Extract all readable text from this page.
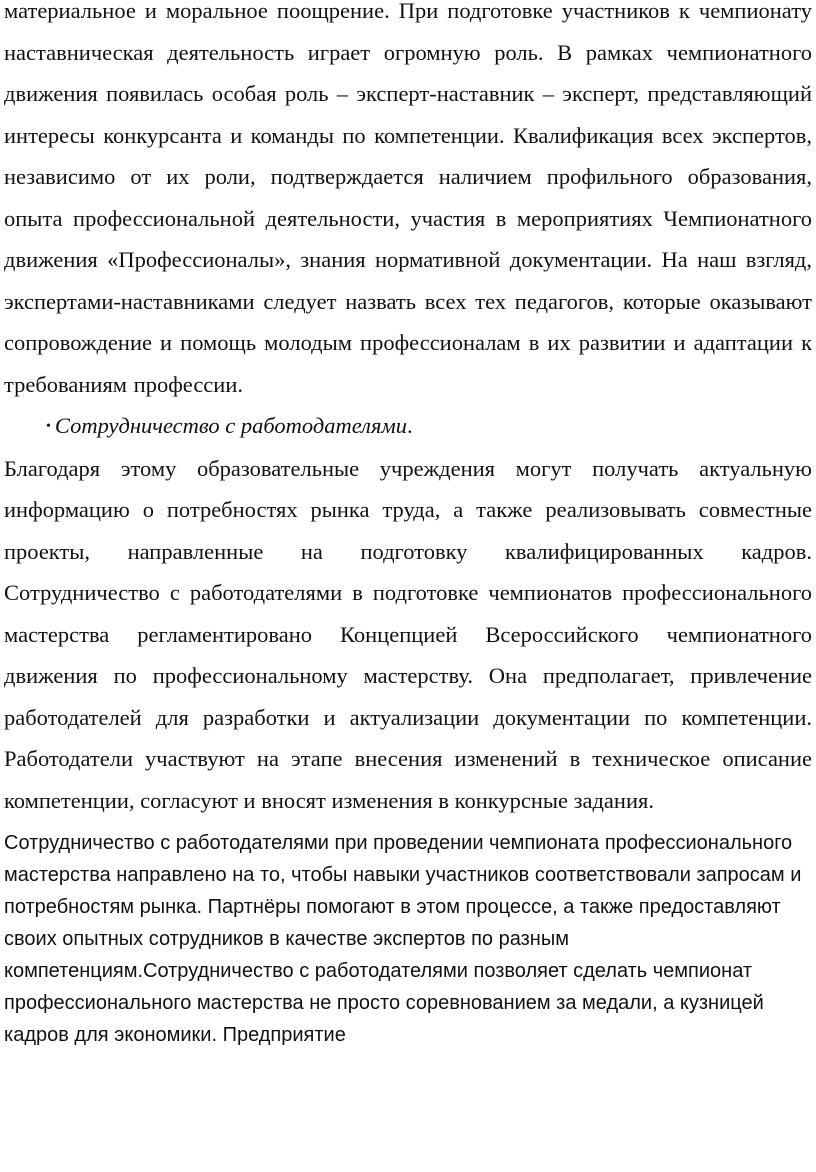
материальное и моральное поощрение. При подготовке участников к чемпионату наставническая деятельность играет огромную роль. В рамках чемпионатного движения появилась особая роль – эксперт-наставник – эксперт, представляющий интересы конкурсанта и команды по компетенции. Квалификация всех экспертов, независимо от их роли, подтверждается наличием профильного образования, опыта профессиональной деятельности, участия в мероприятиях Чемпионатного движения «Профессионалы», знания нормативной документации. На наш взгляд, экспертами-наставниками следует назвать всех тех педагогов, которые оказывают сопровождение и помощь молодым профессионалам в их развитии и адаптации к требованиям профессии.

• Сотрудничество с работодателями.

Благодаря этому образовательные учреждения могут получать актуальную информацию о потребностях рынка труда, а также реализовывать совместные проекты, направленные на подготовку квалифицированных кадров. Сотрудничество с работодателями в подготовке чемпионатов профессионального мастерства регламентировано Концепцией Всероссийского чемпионатного движения по профессиональному мастерству. Она предполагает, привлечение работодателей для разработки и актуализации документации по компетенции. Работодатели участвуют на этапе внесения изменений в техническое описание компетенции, согласуют и вносят изменения в конкурсные задания.

Сотрудничество с работодателями при проведении чемпионата профессионального мастерства направлено на то, чтобы навыки участников соответствовали запросам и потребностям рынка. Партнёры помогают в этом процессе, а также предоставляют своих опытных сотрудников в качестве экспертов по разным компетенциям.Сотрудничество с работодателями позволяет сделать чемпионат профессионального мастерства не просто соревнованием за медали, а кузницей кадров для экономики. Предприятие
